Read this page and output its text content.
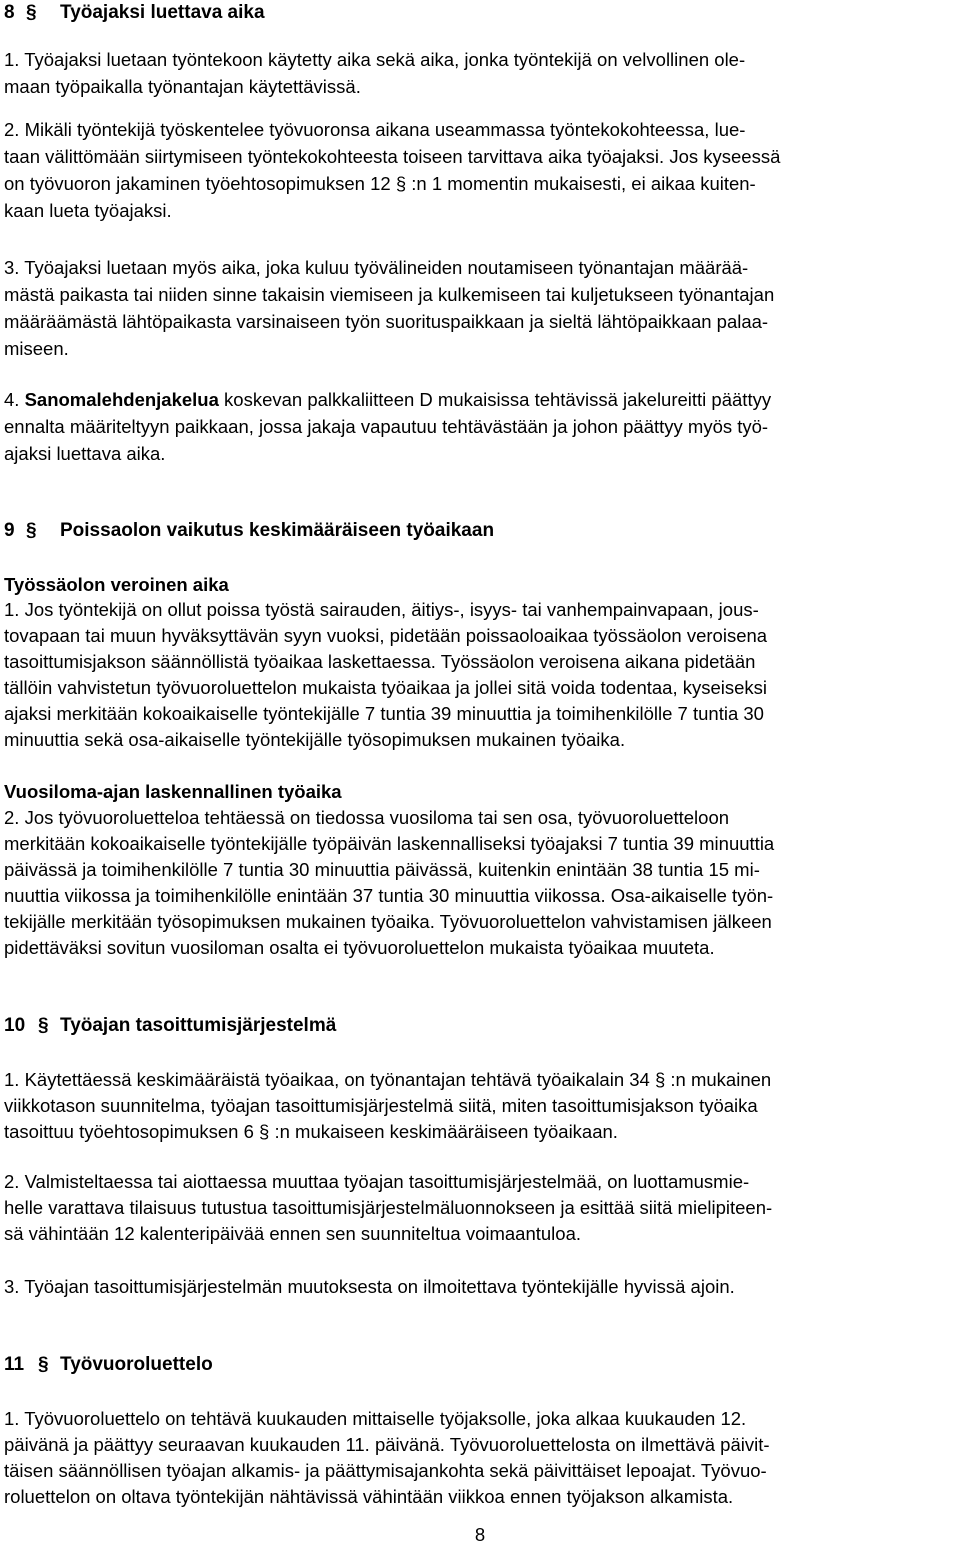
8 § Työajaksi luettava aika
1. Työajaksi luetaan työntekoon käytetty aika sekä aika, jonka työntekijä on velvollinen ole-
maan työpaikalla työnantajan käytettävissä.
2. Mikäli työntekijä työskentelee työvuoronsa aikana useammassa työntekokohteessa, lue-
taan välittömään siirtymiseen työntekokohteesta toiseen tarvittava aika työajaksi. Jos kyseessä
on työvuoron jakaminen työehtosopimuksen 12 § :n 1 momentin mukaisesti, ei aikaa kuiten-
kaan lueta työajaksi.
3. Työajaksi luetaan myös aika, joka kuluu työvälineiden noutamiseen työnantajan määrää-
mästä paikasta tai niiden sinne takaisin viemiseen ja kulkemiseen tai kuljetukseen työnantajan
määräämästä lähtöpaikasta varsinaiseen työn suorituspaikkaan ja sieltä lähtöpaikkaan palaa-
miseen.
4. Sanomalehdenjakelua koskevan palkkaliitteen D mukaisissa tehtävissä jakelureitti päättyy
ennalta määriteltyyn paikkaan, jossa jakaja vapautuu tehtävästään ja johon päättyy myös työ-
ajaksi luettava aika.
9 § Poissaolon vaikutus keskimääräiseen työaikaan
Työssäolon veroinen aika
1. Jos työntekijä on ollut poissa työstä sairauden, äitiys-, isyys- tai vanhempainvapaan, jous-
tovapaan tai muun hyväksyttävän syyn vuoksi, pidetään poissaoloaikaa työssäolon veroisena
tasoittumisjakson säännöllistä työaikaa laskettaessa. Työssäolon veroisena aikana pidetään
tällöin vahvistetun työvuoroluettelon mukaista työaikaa ja jollei sitä voida todentaa, kyseiseksi
ajaksi merkitään kokoaikaiselle työntekijälle 7 tuntia 39 minuuttia ja toimihenkilölle 7 tuntia 30
minuuttia sekä osa-aikaiselle työntekijälle työsopimuksen mukainen työaika.
Vuosiloma-ajan laskennallinen työaika
2. Jos työvuoroluetteloa tehtäessä on tiedossa vuosiloma tai sen osa, työvuoroluetteloon
merkitään kokoaikaiselle työntekijälle työpäivän laskennalliseksi työajaksi 7 tuntia 39 minuuttia
päivässä ja toimihenkilölle 7 tuntia 30 minuuttia päivässä, kuitenkin enintään 38 tuntia 15 mi-
nuuttia viikossa ja toimihenkilölle enintään 37 tuntia 30 minuuttia viikossa. Osa-aikaiselle työn-
tekijälle merkitään työsopimuksen mukainen työaika. Työvuoroluettelon vahvistamisen jälkeen
pidettäväksi sovitun vuosiloman osalta ei työvuoroluettelon mukaista työaikaa muuteta.
10 § Työajan tasoittumisjärjestelmä
1. Käytettäessä keskimääräistä työaikaa, on työnantajan tehtävä työaikalain 34 § :n mukainen
viikkotason suunnitelma, työajan tasoittumisjärjestelmä siitä, miten tasoittumisjakson työaika
tasoittuu työehtosopimuksen 6 § :n mukaiseen keskimääräiseen työaikaan.
2. Valmisteltaessa tai aiottaessa muuttaa työajan tasoittumisjärjestelmää, on luottamusmie-
helle varattava tilaisuus tutustua tasoittumisjärjestelmäluonnokseen ja esittää siitä mielipiteen-
sä vähintään 12 kalenteripäivää ennen sen suunniteltua voimaantuloa.
3. Työajan tasoittumisjärjestelmän muutoksesta on ilmoitettava työntekijälle hyvissä ajoin.
11 § Työvuoroluettelo
1. Työvuoroluettelo on tehtävä kuukauden mittaiselle työjaksolle, joka alkaa kuukauden 12.
päivänä ja päättyy seuraavan kuukauden 11. päivänä. Työvuoroluettelosta on ilmettävä päivit-
täisen säännöllisen työajan alkamis- ja päättymisajankohta sekä päivittäiset lepoajat. Työvuo-
roluettelon on oltava työntekijän nähtävissä vähintään viikkoa ennen työjakson alkamista.
8
